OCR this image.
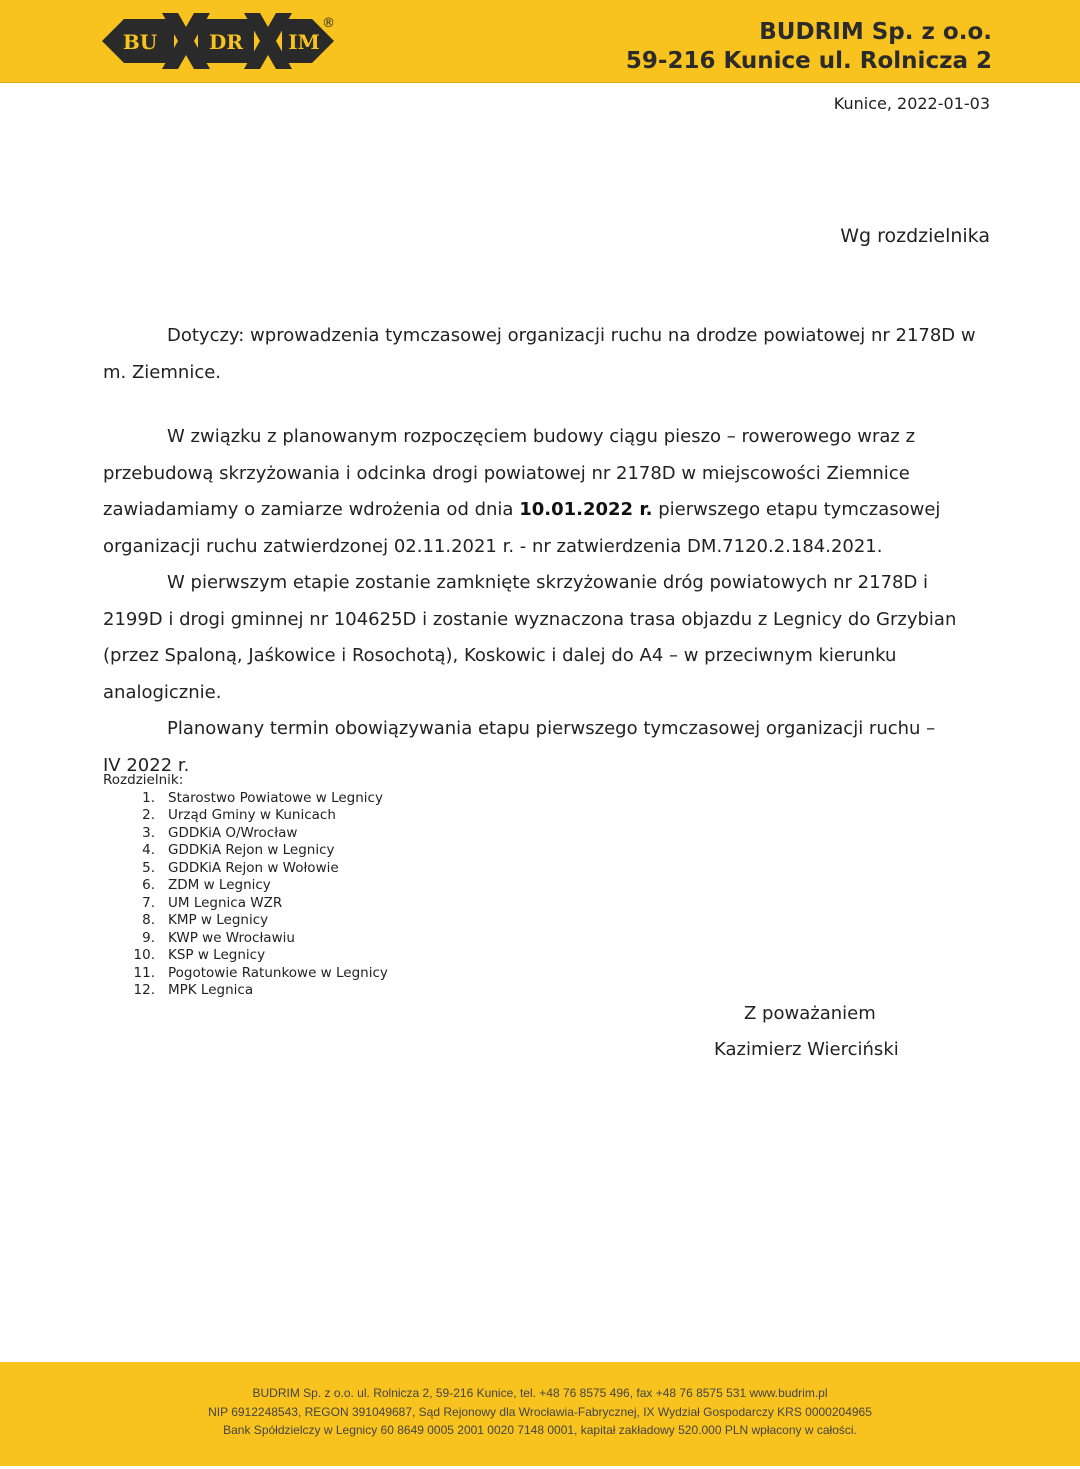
BU	DR IM
®	BUDRIM Sp. z o.o.
59-216 Kunice ul. Rolnicza 2
Kunice, 2022-01-03
Wg rozdzielnika

Dotyczy: wprowadzenia tymczasowej organizacji ruchu na drodze powiatowej nr 2178D w m. Ziemnice.

W związku z planowanym rozpoczęciem budowy ciągu pieszo – rowerowego wraz z przebudową skrzyżowania i odcinka drogi powiatowej nr 2178D w miejscowości Ziemnice zawiadamiamy o zamiarze wdrożenia od dnia 10.01.2022 r. pierwszego etapu tymczasowej organizacji ruchu zatwierdzonej 02.11.2021 r. - nr zatwierdzenia DM.7120.2.184.2021.

W pierwszym etapie zostanie zamknięte skrzyżowanie dróg powiatowych nr 2178D i 2199D i drogi gminnej nr 104625D i zostanie wyznaczona trasa objazdu z Legnicy do Grzybian (przez Spaloną, Jaśkowice i Rosochotą), Koskowic i dalej do A4 – w przeciwnym kierunku analogicznie.

Planowany termin obowiązywania etapu pierwszego tymczasowej organizacji ruchu –

IV 2022 r.

Rozdzielnik:
1. Starostwo Powiatowe w Legnicy
2. Urząd Gminy w Kunicach
3. GDDKiA O/Wrocław
4. GDDKiA Rejon w Legnicy
5. GDDKiA Rejon w Wołowie
6. ZDM w Legnicy
7. UM Legnica WZR
8. KMP w Legnicy
9. KWP we Wrocławiu
10. KSP w Legnicy
11. Pogotowie Ratunkowe w Legnicy
12. MPK Legnica
Z poważaniem
Kazimierz Wierciński
BUDRIM Sp. z o.o. ul. Rolnicza 2, 59-216 Kunice, tel. +48 76 8575 496, fax +48 76 8575 531 www.budrim.pl
NIP 6912248543, REGON 391049687, Sąd Rejonowy dla Wrocławia-Fabrycznej, IX Wydział Gospodarczy KRS 0000204965
Bank Spółdzielczy w Legnicy 60 8649 0005 2001 0020 7148 0001, kapitał zakładowy 520.000 PLN wpłacony w całości.
